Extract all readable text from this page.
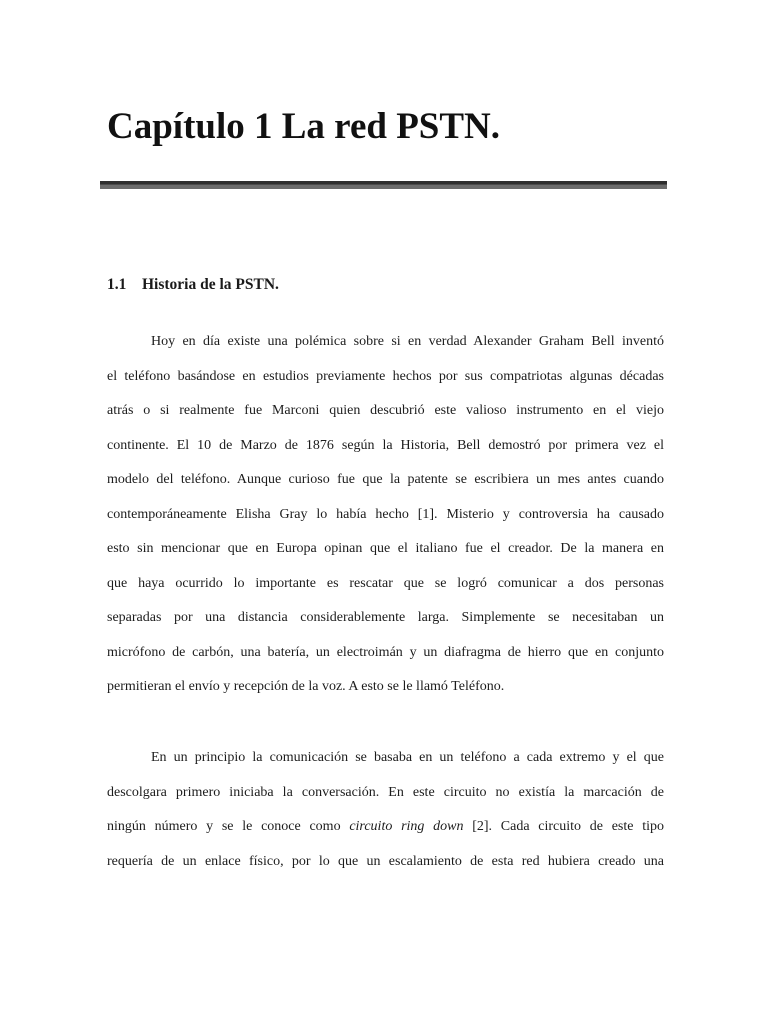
Capítulo 1 La red PSTN.
1.1 Historia de la PSTN.
Hoy en día existe una polémica sobre si en verdad Alexander Graham Bell inventó
el teléfono basándose en estudios previamente hechos por sus compatriotas algunas décadas
atrás o si realmente fue Marconi quien descubrió este valioso instrumento en el viejo
continente. El 10 de Marzo de 1876 según la Historia, Bell demostró por primera vez el
modelo del teléfono. Aunque curioso fue que la patente se escribiera un mes antes cuando
contemporáneamente Elisha Gray lo había hecho [1]. Misterio y controversia ha causado
esto sin mencionar que en Europa opinan que el italiano fue el creador. De la manera en
que haya ocurrido lo importante es rescatar que se logró comunicar a dos personas
separadas por una distancia considerablemente larga. Simplemente se necesitaban un
micrófono de carbón, una batería, un electroimán y un diafragma de hierro que en conjunto
permitieran el envío y recepción de la voz. A esto se le llamó Teléfono.
En un principio la comunicación se basaba en un teléfono a cada extremo y el que
descolgara primero iniciaba la conversación. En este circuito no existía la marcación de
ningún número y se le conoce como circuito ring down [2]. Cada circuito de este tipo
requería de un enlace físico, por lo que un escalamiento de esta red hubiera creado una
